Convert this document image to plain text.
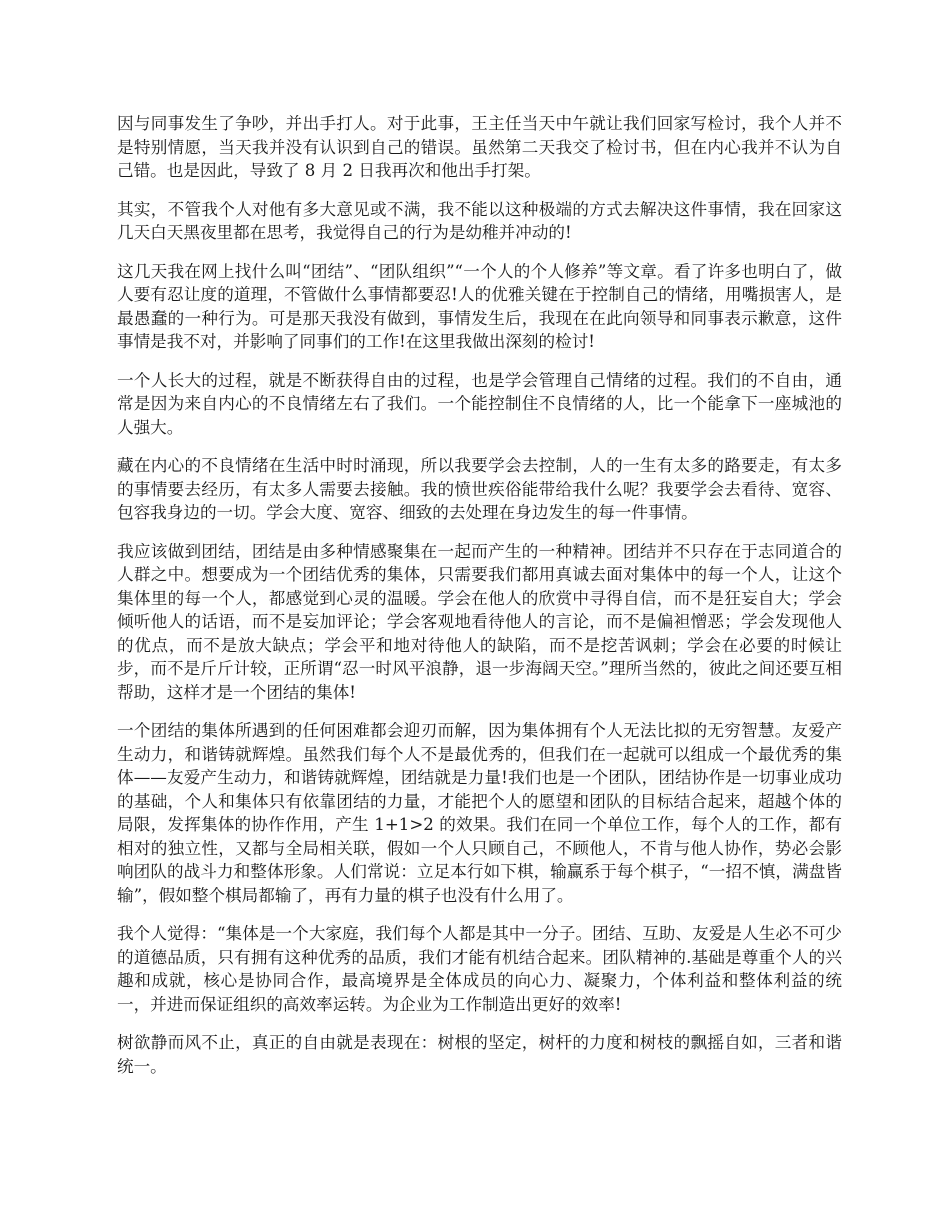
因与同事发生了争吵，并出手打人。对于此事，王主任当天中午就让我们回家写检讨，我个人并不是特别情愿，当天我并没有认识到自己的错误。虽然第二天我交了检讨书，但在内心我并不认为自己错。也是因此，导致了 8 月 2 日我再次和他出手打架。

其实，不管我个人对他有多大意见或不满，我不能以这种极端的方式去解决这件事情，我在回家这几天白天黑夜里都在思考，我觉得自己的行为是幼稚并冲动的!

这几天我在网上找什么叫“团结”、“团队组织”“一个人的个人修养”等文章。看了许多也明白了，做人要有忍让度的道理，不管做什么事情都要忍!人的优雅关键在于控制自己的情绪，用嘴损害人，是最愚蠢的一种行为。可是那天我没有做到，事情发生后，我现在在此向领导和同事表示歉意，这件事情是我不对，并影响了同事们的工作!在这里我做出深刻的检讨!

一个人长大的过程，就是不断获得自由的过程，也是学会管理自己情绪的过程。我们的不自由，通常是因为来自内心的不良情绪左右了我们。一个能控制住不良情绪的人，比一个能拿下一座城池的人强大。

藏在内心的不良情绪在生活中时时涌现，所以我要学会去控制，人的一生有太多的路要走，有太多的事情要去经历，有太多人需要去接触。我的愤世疾俗能带给我什么呢？我要学会去看待、宽容、包容我身边的一切。学会大度、宽容、细致的去处理在身边发生的每一件事情。

我应该做到团结，团结是由多种情感聚集在一起而产生的一种精神。团结并不只存在于志同道合的人群之中。想要成为一个团结优秀的集体，只需要我们都用真诚去面对集体中的每一个人，让这个集体里的每一个人，都感觉到心灵的温暖。学会在他人的欣赏中寻得自信，而不是狂妄自大；学会倾听他人的话语，而不是妄加评论；学会客观地看待他人的言论，而不是偏袒憎恶；学会发现他人的优点，而不是放大缺点；学会平和地对待他人的缺陷，而不是挖苦讽刺；学会在必要的时候让步，而不是斤斤计较，正所谓“忍一时风平浪静，退一步海阔天空。”理所当然的，彼此之间还要互相帮助，这样才是一个团结的集体!

一个团结的集体所遇到的任何困难都会迎刃而解，因为集体拥有个人无法比拟的无穷智慧。友爱产生动力，和谐铸就辉煌。虽然我们每个人不是最优秀的，但我们在一起就可以组成一个最优秀的集体——友爱产生动力，和谐铸就辉煌，团结就是力量!我们也是一个团队，团结协作是一切事业成功的基础，个人和集体只有依靠团结的力量，才能把个人的愿望和团队的目标结合起来，超越个体的局限，发挥集体的协作作用，产生 1+1>2 的效果。我们在同一个单位工作，每个人的工作，都有相对的独立性，又都与全局相关联，假如一个人只顾自己，不顾他人，不肯与他人协作，势必会影响团队的战斗力和整体形象。人们常说：立足本行如下棋，输赢系于每个棋子，“一招不慎，满盘皆输”，假如整个棋局都输了，再有力量的棋子也没有什么用了。

我个人觉得：“集体是一个大家庭，我们每个人都是其中一分子。团结、互助、友爱是人生必不可少的道德品质，只有拥有这种优秀的品质，我们才能有机结合起来。团队精神的.基础是尊重个人的兴趣和成就，核心是协同合作，最高境界是全体成员的向心力、凝聚力，个体利益和整体利益的统一，并进而保证组织的高效率运转。为企业为工作制造出更好的效率!

树欲静而风不止，真正的自由就是表现在：树根的坚定，树杆的力度和树枝的飘摇自如，三者和谐统一。
